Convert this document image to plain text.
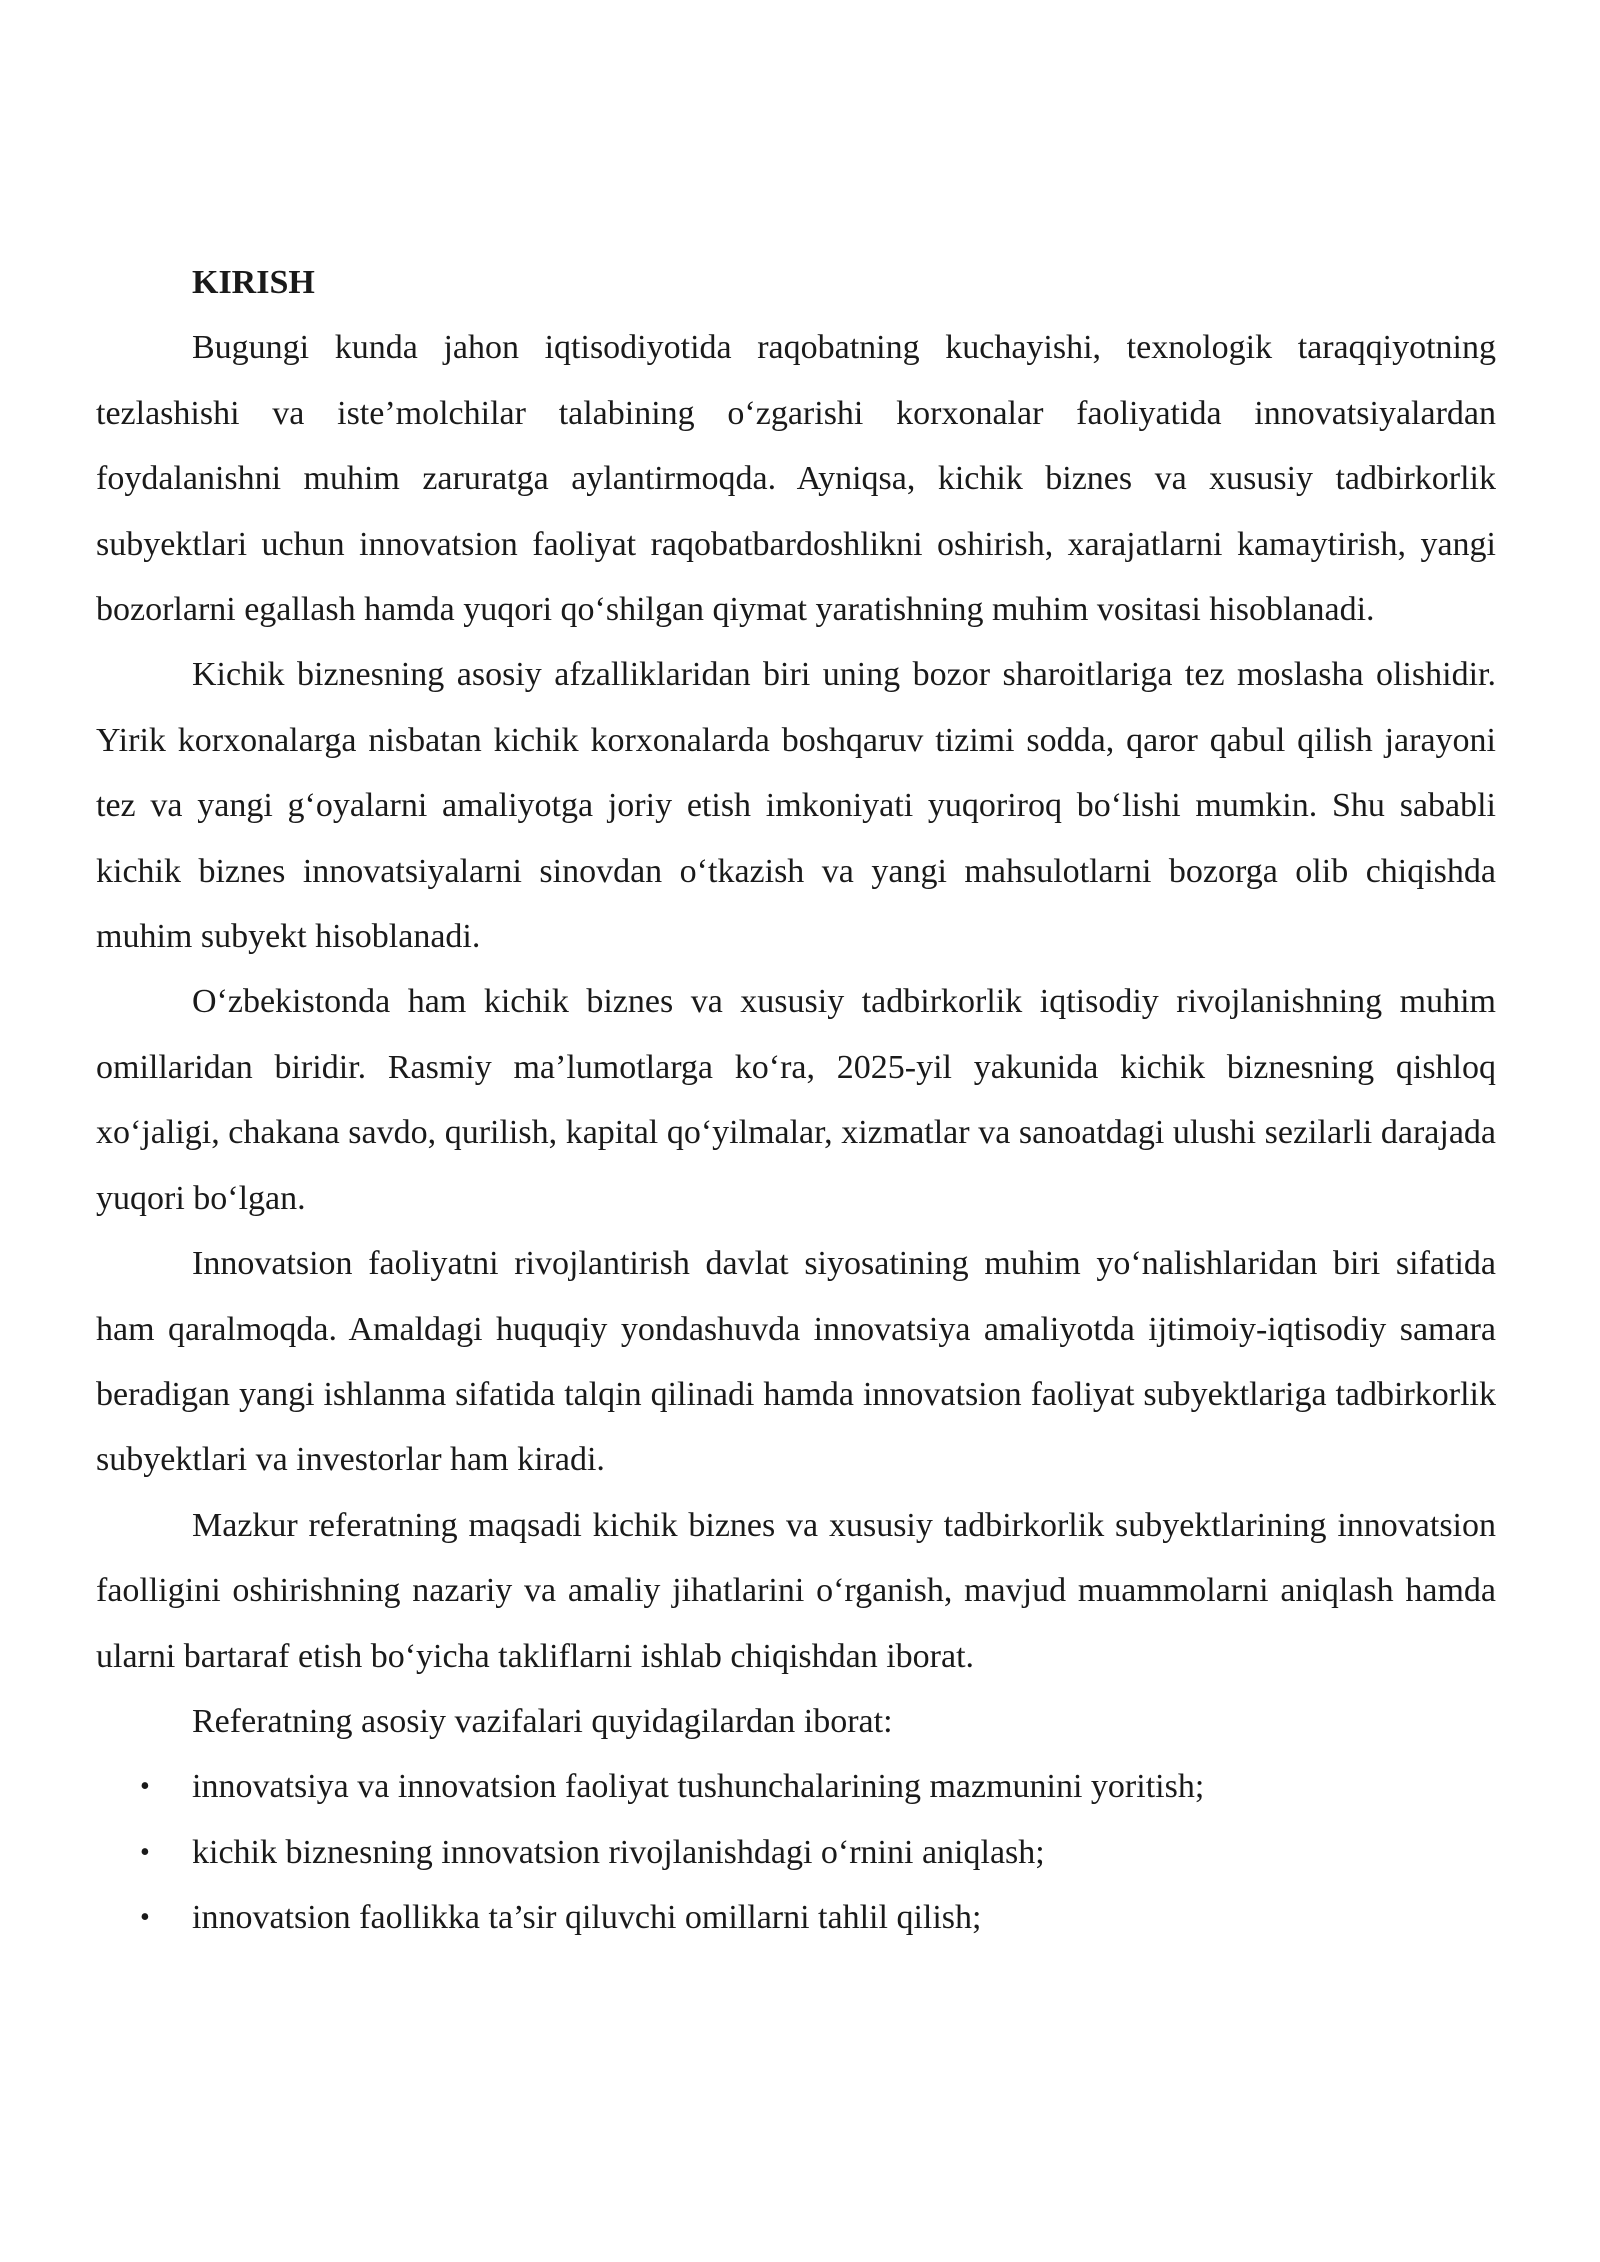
KIRISH

Bugungi kunda jahon iqtisodiyotida raqobatning kuchayishi, texnologik taraqqiyotning tezlashishi va iste’molchilar talabining o‘zgarishi korxonalar faoliyatida innovatsiyalardan foydalanishni muhim zaruratga aylantirmoqda. Ayniqsa, kichik biznes va xususiy tadbirkorlik subyektlari uchun innovatsion faoliyat raqobatbardoshlikni oshirish, xarajatlarni kamaytirish, yangi bozorlarni egallash hamda yuqori qo‘shilgan qiymat yaratishning muhim vositasi hisoblanadi.

Kichik biznesning asosiy afzalliklaridan biri uning bozor sharoitlariga tez moslasha olishidir. Yirik korxonalarga nisbatan kichik korxonalarda boshqaruv tizimi sodda, qaror qabul qilish jarayoni tez va yangi g‘oyalarni amaliyotga joriy etish imkoniyati yuqoriroq bo‘lishi mumkin. Shu sababli kichik biznes innovatsiyalarni sinovdan o‘tkazish va yangi mahsulotlarni bozorga olib chiqishda muhim subyekt hisoblanadi.

O‘zbekistonda ham kichik biznes va xususiy tadbirkorlik iqtisodiy rivojlanishning muhim omillaridan biridir. Rasmiy ma’lumotlarga ko‘ra, 2025-yil yakunida kichik biznesning qishloq xo‘jaligi, chakana savdo, qurilish, kapital qo‘yilmalar, xizmatlar va sanoatdagi ulushi sezilarli darajada yuqori bo‘lgan.

Innovatsion faoliyatni rivojlantirish davlat siyosatining muhim yo‘nalishlaridan biri sifatida ham qaralmoqda. Amaldagi huquqiy yondashuvda innovatsiya amaliyotda ijtimoiy-iqtisodiy samara beradigan yangi ishlanma sifatida talqin qilinadi hamda innovatsion faoliyat subyektlariga tadbirkorlik subyektlari va investorlar ham kiradi.

Mazkur referatning maqsadi kichik biznes va xususiy tadbirkorlik subyektlarining innovatsion faolligini oshirishning nazariy va amaliy jihatlarini o‘rganish, mavjud muammolarni aniqlash hamda ularni bartaraf etish bo‘yicha takliflarni ishlab chiqishdan iborat.

Referatning asosiy vazifalari quyidagilardan iborat:

• innovatsiya va innovatsion faoliyat tushunchalarining mazmunini yoritish;
• kichik biznesning innovatsion rivojlanishdagi o‘rnini aniqlash;
• innovatsion faollikka ta’sir qiluvchi omillarni tahlil qilish;
